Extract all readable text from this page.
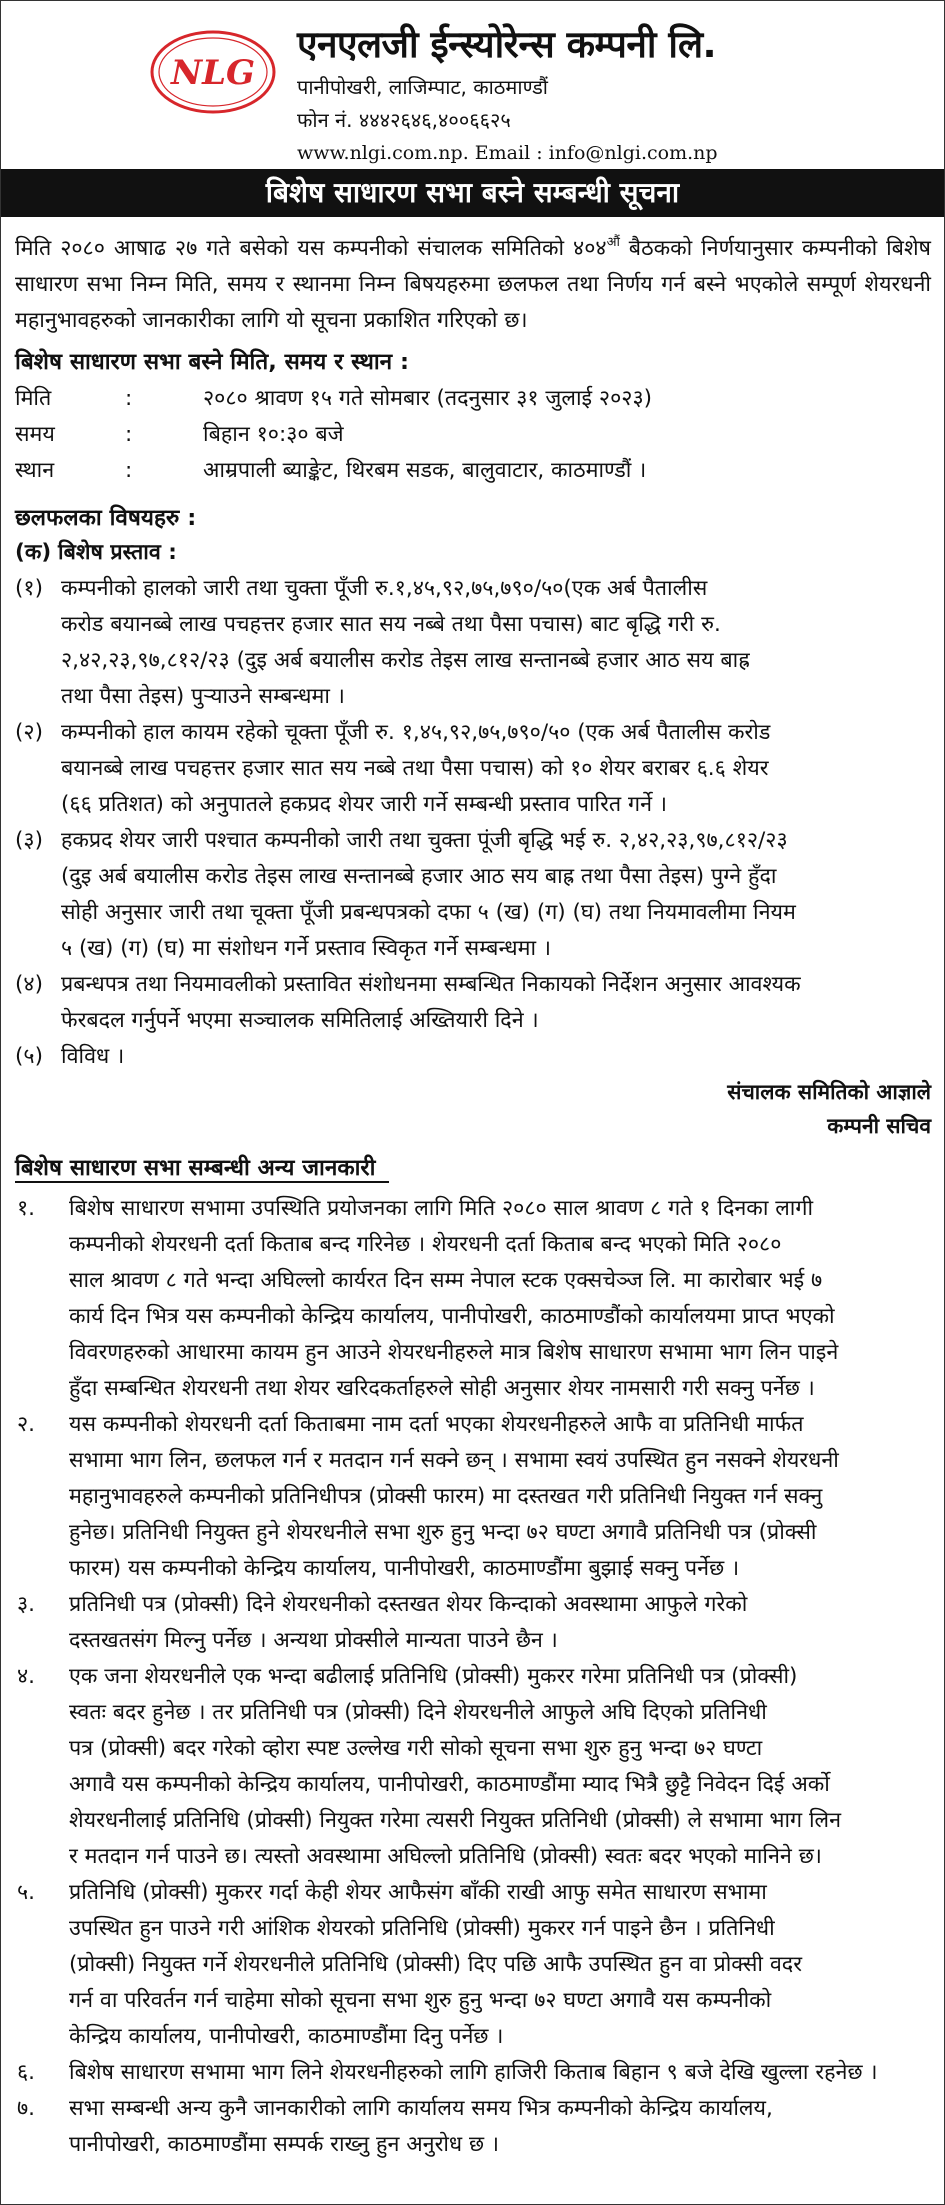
NLG
एनएलजी ईन्स्योरेन्स कम्पनी लि.
पानीपोखरी, लाजिम्पाट, काठमाण्डौं
फोन नं. ४४४२६४६,४००६६२५
www.nlgi.com.np. Email : info@nlgi.com.np
बिशेष साधारण सभा बस्ने सम्बन्धी सूचना

मिति २०८० आषाढ २७ गते बसेको यस कम्पनीको संचालक समितिको $४०४^{औं}$ बैठकको निर्णयानुसार कम्पनीको बिशेष साधारण सभा निम्न मिति, समय र स्थानमा निम्न बिषयहरुमा छलफल तथा निर्णय गर्न बस्ने भएकोले सम्पूर्ण शेयरधनी महानुभावहरुको जानकारीका लागि यो सूचना प्रकाशित गरिएको छ।

बिशेष साधारण सभा बस्ने मिति, समय र स्थान :
मिति	:	२०८० श्रावण १५ गते सोमबार (तदनुसार ३१ जुलाई २०२३)
समय	:	बिहान १०:३० बजे
स्थान	:	आम्रपाली ब्याङ्केट, थिरबम सडक, बालुवाटार, काठमाण्डौं ।
छलफलका विषयहरु :
(क) बिशेष प्रस्ताव :
(१) कम्पनीको हालको जारी तथा चुक्ता पूँजी रु.१,४५,९२,७५,७९०/५०(एक अर्ब पैतालीस
करोड बयानब्बे लाख पचहत्तर हजार सात सय नब्बे तथा पैसा पचास) बाट बृद्धि गरी रु.
२,४२,२३,९७,८१२/२३ (दुइ अर्ब बयालीस करोड तेइस लाख सन्तानब्बे हजार आठ सय बाह्र
तथा पैसा तेइस) पुऱ्याउने सम्बन्धमा ।
(२) कम्पनीको हाल कायम रहेको चूक्ता पूँजी रु. १,४५,९२,७५,७९०/५० (एक अर्ब पैतालीस करोड
बयानब्बे लाख पचहत्तर हजार सात सय नब्बे तथा पैसा पचास) को १० शेयर बराबर ६.६ शेयर
(६६ प्रतिशत) को अनुपातले हकप्रद शेयर जारी गर्ने सम्बन्धी प्रस्ताव पारित गर्ने ।
(३) हकप्रद शेयर जारी पश्चात कम्पनीको जारी तथा चुक्ता पूंजी बृद्धि भई रु. २,४२,२३,९७,८१२/२३
(दुइ अर्ब बयालीस करोड तेइस लाख सन्तानब्बे हजार आठ सय बाह्र तथा पैसा तेइस) पुग्ने हुँदा
सोही अनुसार जारी तथा चूक्ता पूँजी प्रबन्धपत्रको दफा ५ (ख) (ग) (घ) तथा नियमावलीमा नियम
५ (ख) (ग) (घ) मा संशोधन गर्ने प्रस्ताव स्विकृत गर्ने सम्बन्धमा ।
(४) प्रबन्धपत्र तथा नियमावलीको प्रस्तावित संशोधनमा सम्बन्धित निकायको निर्देशन अनुसार आवश्यक
फेरबदल गर्नुपर्ने भएमा सञ्चालक समितिलाई अख्तियारी दिने ।
(५) विविध ।
संचालक समितिको आज्ञाले
कम्पनी सचिव
बिशेष साधारण सभा सम्बन्धी अन्य जानकारी
१.	बिशेष साधारण सभामा उपस्थिति प्रयोजनका लागि मिति २०८० साल श्रावण ८ गते १ दिनका लागी
कम्पनीको शेयरधनी दर्ता किताब बन्द गरिनेछ । शेयरधनी दर्ता किताब बन्द भएको मिति २०८०
साल श्रावण ८ गते भन्दा अघिल्लो कार्यरत दिन सम्म नेपाल स्टक एक्सचेञ्ज लि. मा कारोबार भई ७
कार्य दिन भित्र यस कम्पनीको केन्द्रिय कार्यालय, पानीपोखरी, काठमाण्डौंको कार्यालयमा प्राप्त भएको
विवरणहरुको आधारमा कायम हुन आउने शेयरधनीहरुले मात्र बिशेष साधारण सभामा भाग लिन पाइने
हुँदा सम्बन्धित शेयरधनी तथा शेयर खरिदकर्ताहरुले सोही अनुसार शेयर नामसारी गरी सक्नु पर्नेछ ।
२.	यस कम्पनीको शेयरधनी दर्ता किताबमा नाम दर्ता भएका शेयरधनीहरुले आफै वा प्रतिनिधी मार्फत
सभामा भाग लिन, छलफल गर्न र मतदान गर्न सक्ने छन् । सभामा स्वयं उपस्थित हुन नसक्ने शेयरधनी
महानुभावहरुले कम्पनीको प्रतिनिधीपत्र (प्रोक्सी फारम) मा दस्तखत गरी प्रतिनिधी नियुक्त गर्न सक्नु
हुनेछ। प्रतिनिधी नियुक्त हुने शेयरधनीले सभा शुरु हुनु भन्दा ७२ घण्टा अगावै प्रतिनिधी पत्र (प्रोक्सी
फारम) यस कम्पनीको केन्द्रिय कार्यालय, पानीपोखरी, काठमाण्डौंमा बुझाई सक्नु पर्नेछ ।
३.	प्रतिनिधी पत्र (प्रोक्सी) दिने शेयरधनीको दस्तखत शेयर किन्दाको अवस्थामा आफुले गरेको
दस्तखतसंग मिल्नु पर्नेछ । अन्यथा प्रोक्सीले मान्यता पाउने छैन ।
४.	एक जना शेयरधनीले एक भन्दा बढीलाई प्रतिनिधि (प्रोक्सी) मुकरर गरेमा प्रतिनिधी पत्र (प्रोक्सी)
स्वतः बदर हुनेछ । तर प्रतिनिधी पत्र (प्रोक्सी) दिने शेयरधनीले आफुले अघि दिएको प्रतिनिधी
पत्र (प्रोक्सी) बदर गरेको व्होरा स्पष्ट उल्लेख गरी सोको सूचना सभा शुरु हुनु भन्दा ७२ घण्टा
अगावै यस कम्पनीको केन्द्रिय कार्यालय, पानीपोखरी, काठमाण्डौंमा म्याद भित्रै छुट्टै निवेदन दिई अर्को
शेयरधनीलाई प्रतिनिधि (प्रोक्सी) नियुक्त गरेमा त्यसरी नियुक्त प्रतिनिधी (प्रोक्सी) ले सभामा भाग लिन
र मतदान गर्न पाउने छ। त्यस्तो अवस्थामा अघिल्लो प्रतिनिधि (प्रोक्सी) स्वतः बदर भएको मानिने छ।
५.	प्रतिनिधि (प्रोक्सी) मुकरर गर्दा केही शेयर आफैसंग बाँकी राखी आफु समेत साधारण सभामा
उपस्थित हुन पाउने गरी आंशिक शेयरको प्रतिनिधि (प्रोक्सी) मुकरर गर्न पाइने छैन । प्रतिनिधी
(प्रोक्सी) नियुक्त गर्ने शेयरधनीले प्रतिनिधि (प्रोक्सी) दिए पछि आफै उपस्थित हुन वा प्रोक्सी वदर
गर्न वा परिवर्तन गर्न चाहेमा सोको सूचना सभा शुरु हुनु भन्दा ७२ घण्टा अगावै यस कम्पनीको
केन्द्रिय कार्यालय, पानीपोखरी, काठमाण्डौंमा दिनु पर्नेछ ।
६.	बिशेष साधारण सभामा भाग लिने शेयरधनीहरुको लागि हाजिरी किताब बिहान ९ बजे देखि खुल्ला रहनेछ ।
७.	सभा सम्बन्धी अन्य कुनै जानकारीको लागि कार्यालय समय भित्र कम्पनीको केन्द्रिय कार्यालय,
पानीपोखरी, काठमाण्डौंमा सम्पर्क राख्नु हुन अनुरोध छ ।
